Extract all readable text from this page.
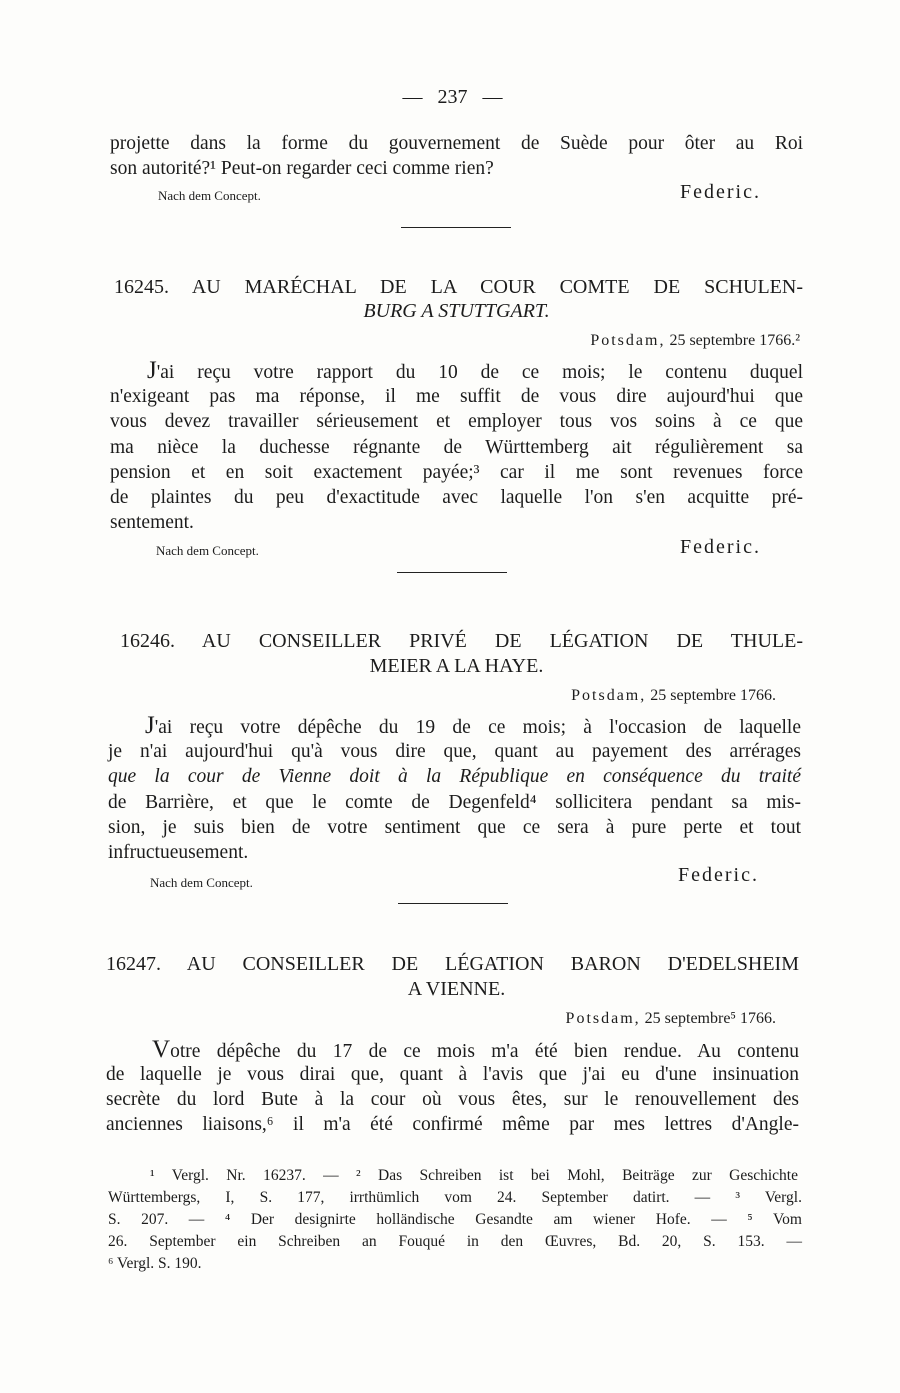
— 237 —
projette dans la forme du gouvernement de Suède pour ôter au Roi
son autorité?¹ Peut-on regarder ceci comme rien?
Nach dem Concept.	Federic.
16245. AU MARÉCHAL DE LA COUR COMTE DE SCHULEN-
BURG A STUTTGART.
Potsdam, 25 septembre 1766.²
J'ai reçu votre rapport du 10 de ce mois; le contenu duquel
n'exigeant pas ma réponse, il me suffit de vous dire aujourd'hui que
vous devez travailler sérieusement et employer tous vos soins à ce que
ma nièce la duchesse régnante de Württemberg ait régulièrement sa
pension et en soit exactement payée;³ car il me sont revenues force
de plaintes du peu d'exactitude avec laquelle l'on s'en acquitte pré-
sentement.
Nach dem Concept.	Federic.
16246. AU CONSEILLER PRIVÉ DE LÉGATION DE THULE-
MEIER A LA HAYE.
Potsdam, 25 septembre 1766.
J'ai reçu votre dépêche du 19 de ce mois; à l'occasion de laquelle
je n'ai aujourd'hui qu'à vous dire que, quant au payement des arrérages
que la cour de Vienne doit à la République en conséquence du traité
de Barrière, et que le comte de Degenfeld⁴ sollicitera pendant sa mis-
sion, je suis bien de votre sentiment que ce sera à pure perte et tout
infructueusement.
Nach dem Concept.	Federic.
16247. AU CONSEILLER DE LÉGATION BARON D'EDELSHEIM
A VIENNE.
Potsdam, 25 septembre⁵ 1766.
Votre dépêche du 17 de ce mois m'a été bien rendue. Au contenu
de laquelle je vous dirai que, quant à l'avis que j'ai eu d'une insinuation
secrète du lord Bute à la cour où vous êtes, sur le renouvellement des
anciennes liaisons,⁶ il m'a été confirmé même par mes lettres d'Angle-
¹ Vergl. Nr. 16237. — ² Das Schreiben ist bei Mohl, Beiträge zur Geschichte
Württembergs, I, S. 177, irrthümlich vom 24. September datirt. — ³ Vergl.
S. 207. — ⁴ Der designirte holländische Gesandte am wiener Hofe. — ⁵ Vom
26. September ein Schreiben an Fouqué in den Œuvres, Bd. 20, S. 153. —
⁶ Vergl. S. 190.
